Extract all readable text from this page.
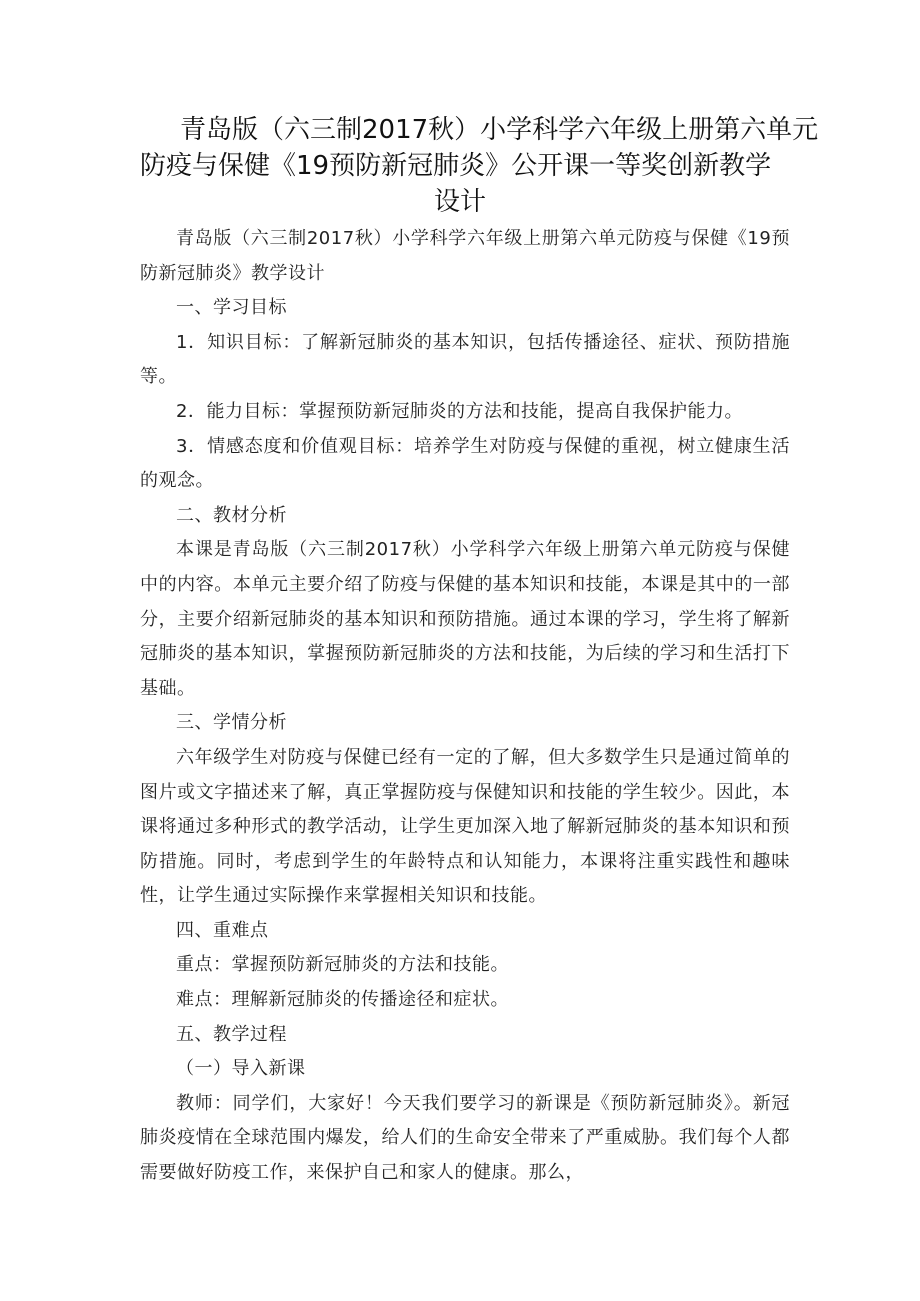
青岛版（六三制2017秋）小学科学六年级上册第六单元
防疫与保健《19预防新冠肺炎》公开课一等奖创新教学
设计

青岛版（六三制2017秋）小学科学六年级上册第六单元防疫与保健《19预防新冠肺炎》教学设计

一、学习目标

1．知识目标：了解新冠肺炎的基本知识，包括传播途径、症状、预防措施等。

2．能力目标：掌握预防新冠肺炎的方法和技能，提高自我保护能力。

3．情感态度和价值观目标：培养学生对防疫与保健的重视，树立健康生活的观念。

二、教材分析

本课是青岛版（六三制2017秋）小学科学六年级上册第六单元防疫与保健中的内容。本单元主要介绍了防疫与保健的基本知识和技能，本课是其中的一部分，主要介绍新冠肺炎的基本知识和预防措施。通过本课的学习，学生将了解新冠肺炎的基本知识，掌握预防新冠肺炎的方法和技能，为后续的学习和生活打下基础。

三、学情分析

六年级学生对防疫与保健已经有一定的了解，但大多数学生只是通过简单的图片或文字描述来了解，真正掌握防疫与保健知识和技能的学生较少。因此，本课将通过多种形式的教学活动，让学生更加深入地了解新冠肺炎的基本知识和预防措施。同时，考虑到学生的年龄特点和认知能力，本课将注重实践性和趣味性，让学生通过实际操作来掌握相关知识和技能。

四、重难点

重点：掌握预防新冠肺炎的方法和技能。

难点：理解新冠肺炎的传播途径和症状。

五、教学过程

（一）导入新课

教师：同学们，大家好！今天我们要学习的新课是《预防新冠肺炎》。新冠肺炎疫情在全球范围内爆发，给人们的生命安全带来了严重威胁。我们每个人都需要做好防疫工作，来保护自己和家人的健康。那么，
